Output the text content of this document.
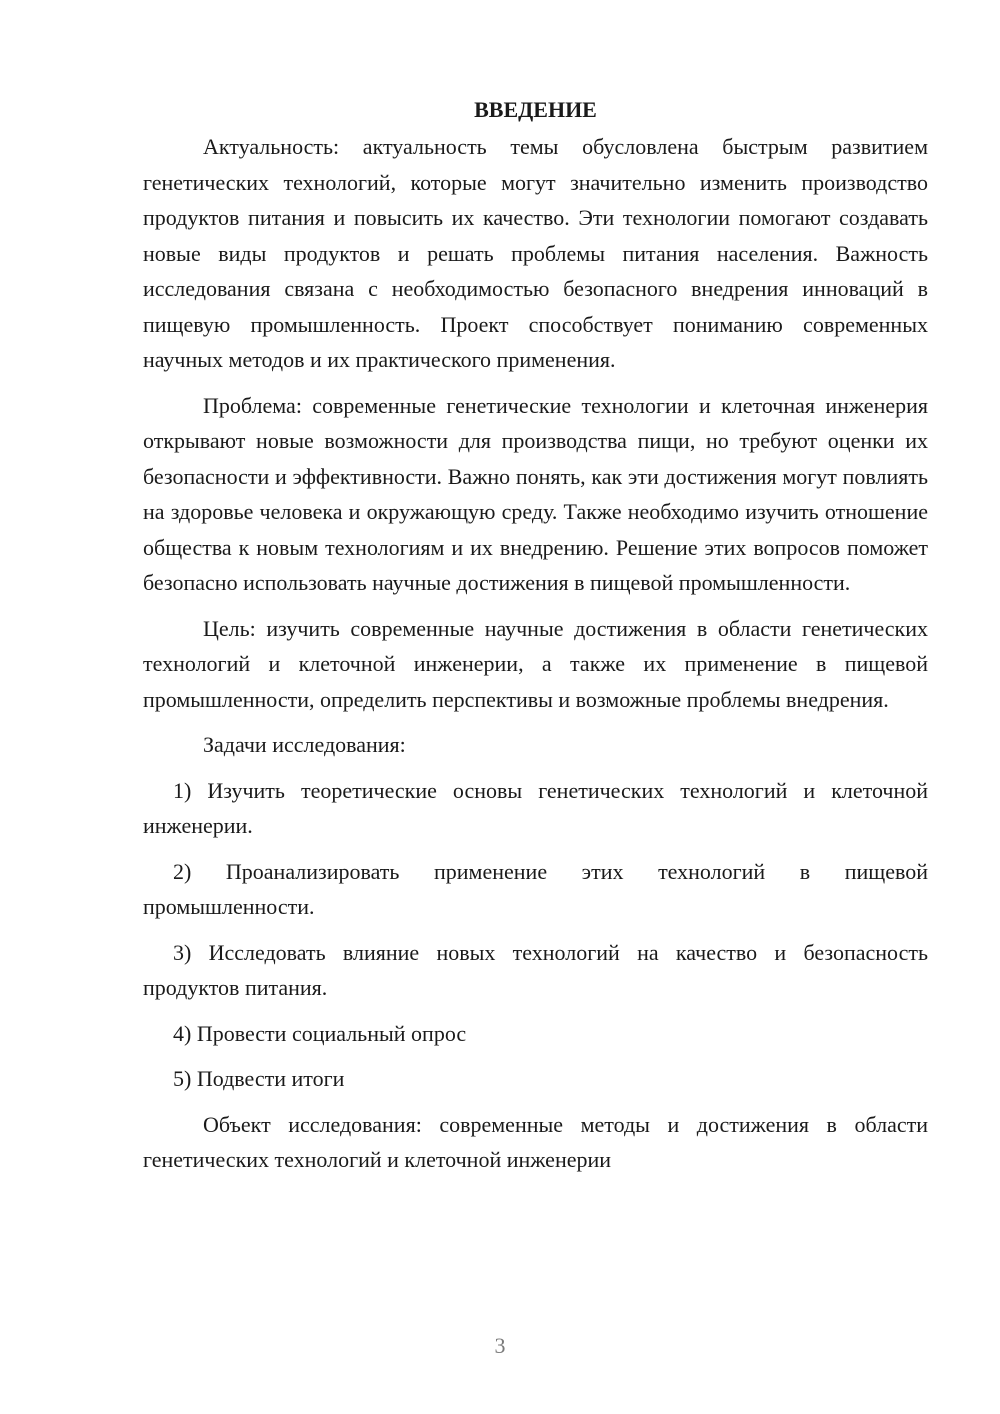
ВВЕДЕНИЕ

Актуальность: актуальность темы обусловлена быстрым развитием генетических технологий, которые могут значительно изменить производство продуктов питания и повысить их качество. Эти технологии помогают создавать новые виды продуктов и решать проблемы питания населения. Важность исследования связана с необходимостью безопасного внедрения инноваций в пищевую промышленность. Проект способствует пониманию современных научных методов и их практического применения.

Проблема: современные генетические технологии и клеточная инженерия открывают новые возможности для производства пищи, но требуют оценки их безопасности и эффективности. Важно понять, как эти достижения могут повлиять на здоровье человека и окружающую среду. Также необходимо изучить отношение общества к новым технологиям и их внедрению. Решение этих вопросов поможет безопасно использовать научные достижения в пищевой промышленности.

Цель: изучить современные научные достижения в области генетических технологий и клеточной инженерии, а также их применение в пищевой промышленности, определить перспективы и возможные проблемы внедрения.

Задачи исследования:

1) Изучить теоретические основы генетических технологий и клеточной инженерии.

2) Проанализировать применение этих технологий в пищевой промышленности.

3) Исследовать влияние новых технологий на качество и безопасность продуктов питания.

4) Провести социальный опрос

5) Подвести итоги

Объект исследования: современные методы и достижения в области генетических технологий и клеточной инженерии

3
